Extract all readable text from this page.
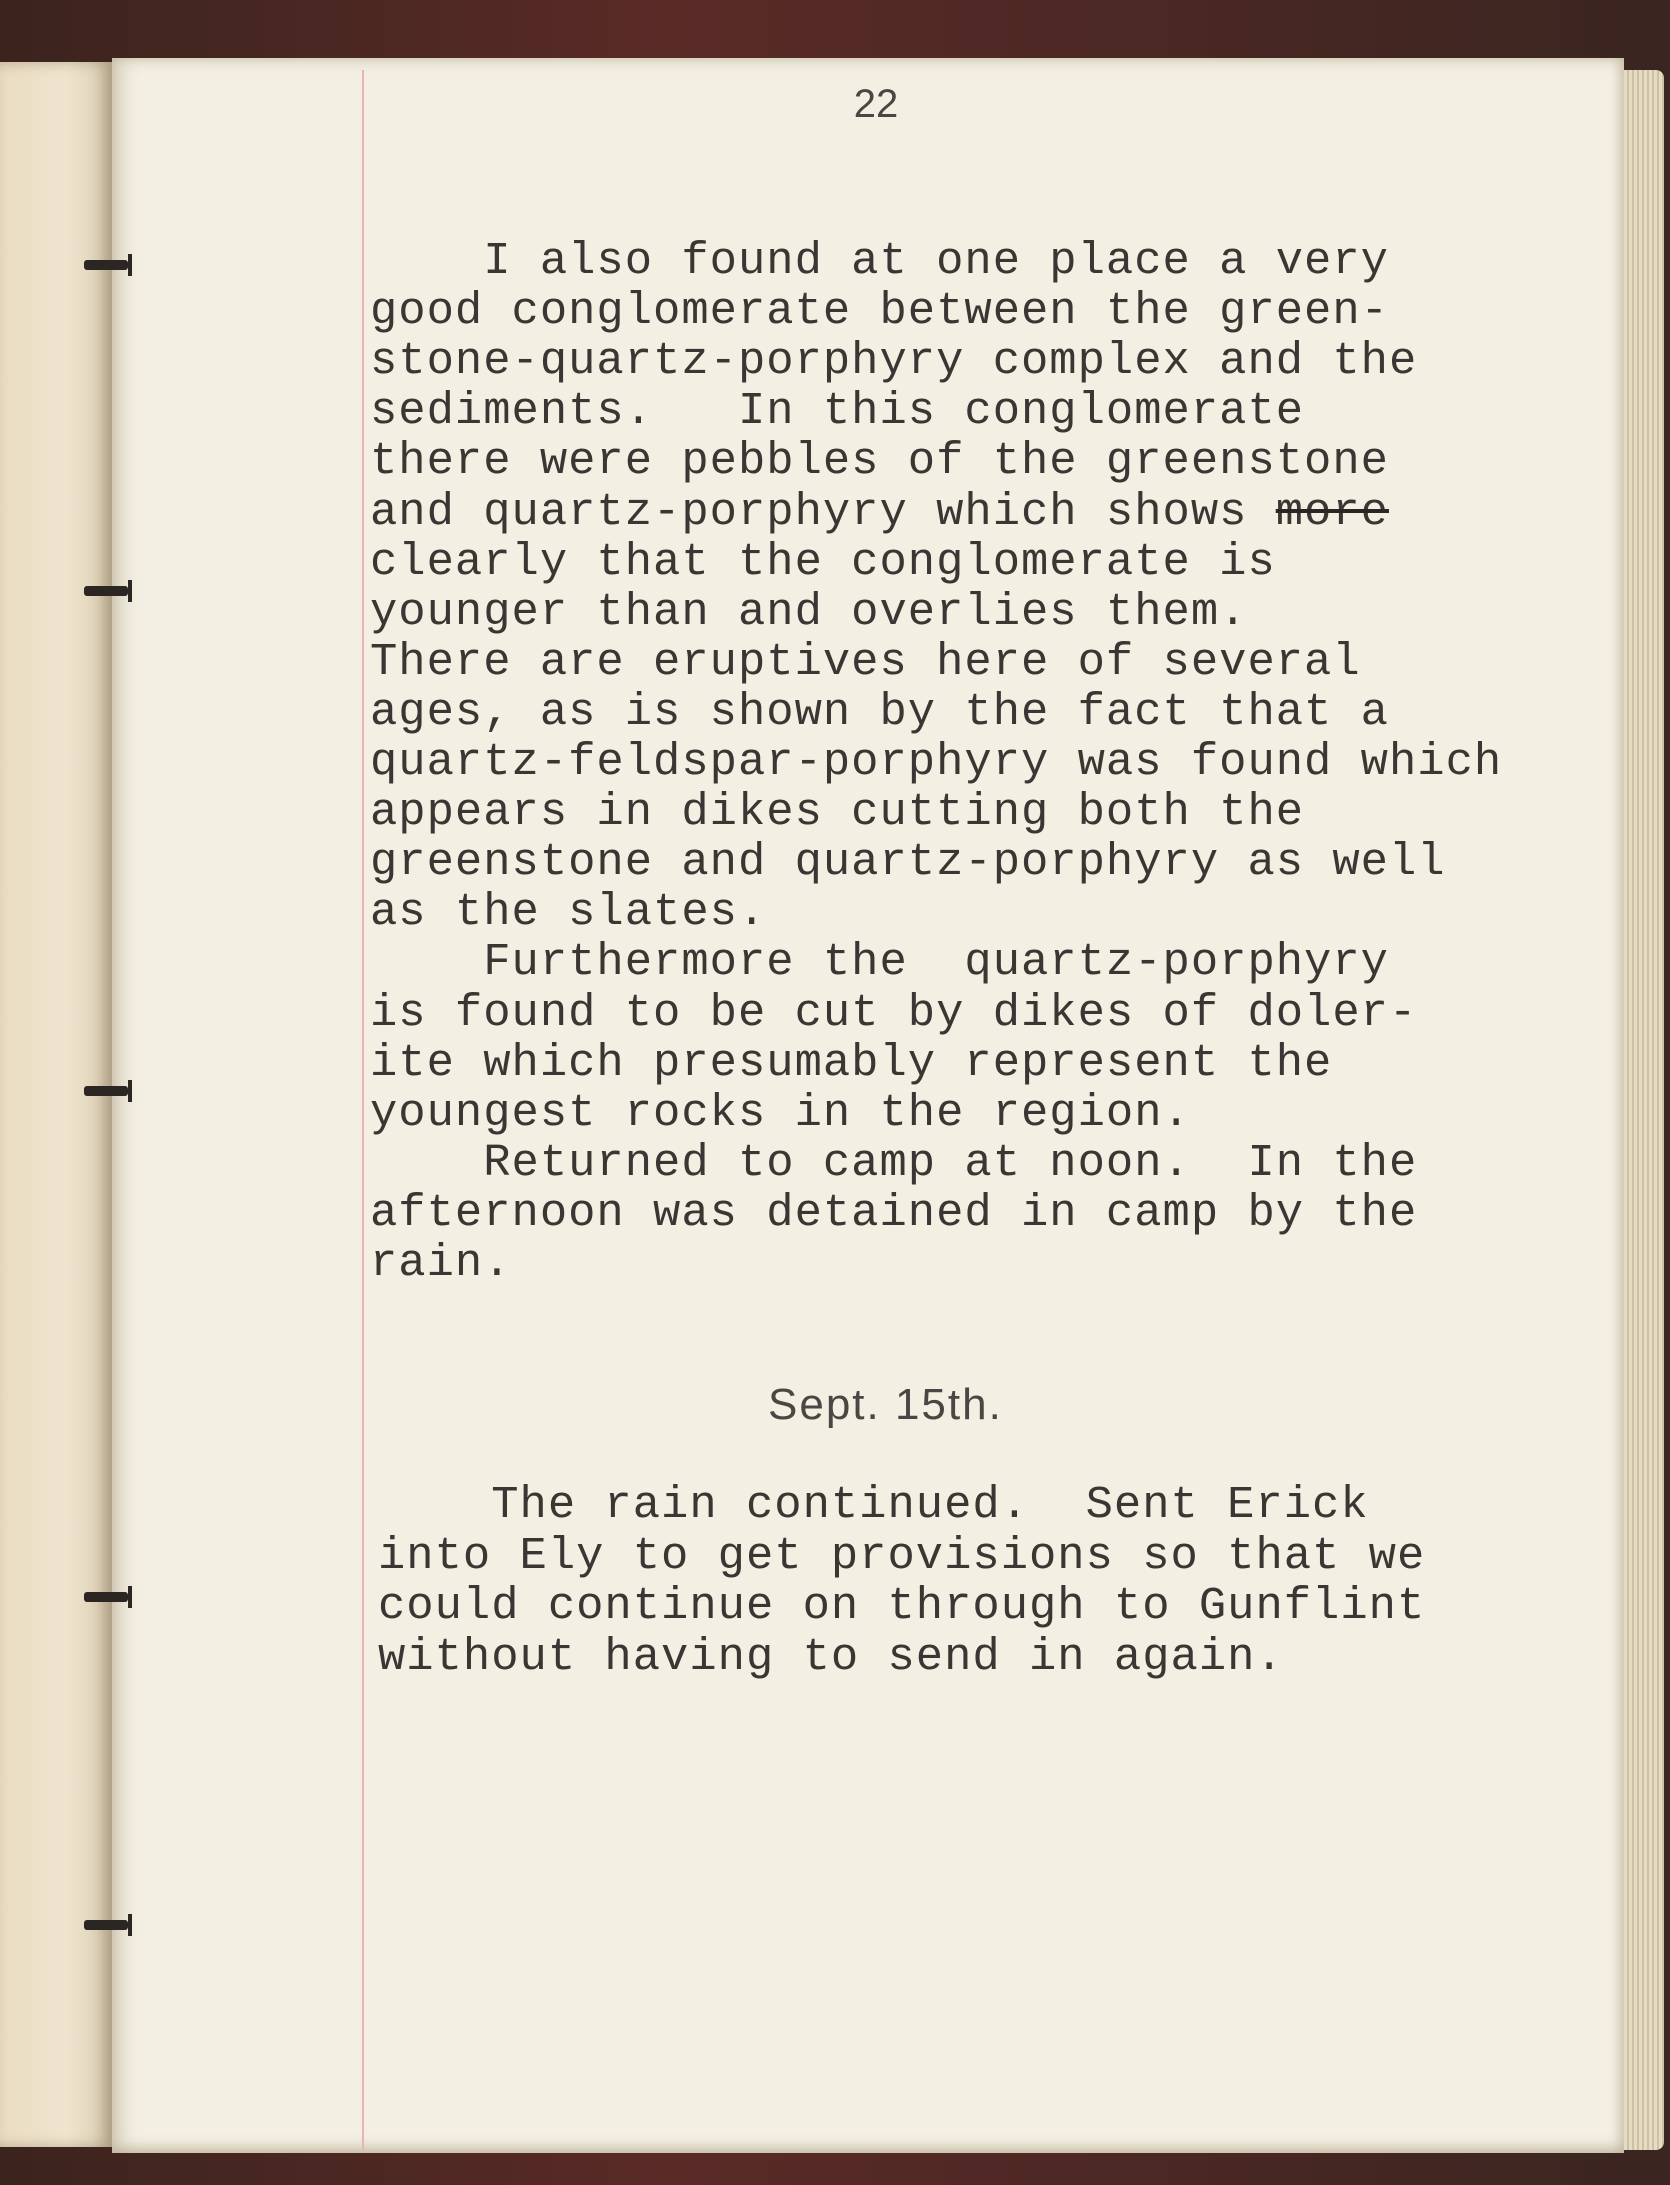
22
I also found at one place a very
good conglomerate between the green-
stone-quartz-porphyry complex and the
sediments.   In this conglomerate
there were pebbles of the greenstone
and quartz-porphyry which shows more
clearly that the conglomerate is
younger than and overlies them.
There are eruptives here of several
ages, as is shown by the fact that a
quartz-feldspar-porphyry was found which
appears in dikes cutting both the
greenstone and quartz-porphyry as well
as the slates.
Furthermore the  quartz-porphyry
is found to be cut by dikes of doler-
ite which presumably represent the
youngest rocks in the region.
Returned to camp at noon.  In the
afternoon was detained in camp by the
rain.
Sept. 15th.
The rain continued.  Sent Erick
into Ely to get provisions so that we
could continue on through to Gunflint
without having to send in again.
